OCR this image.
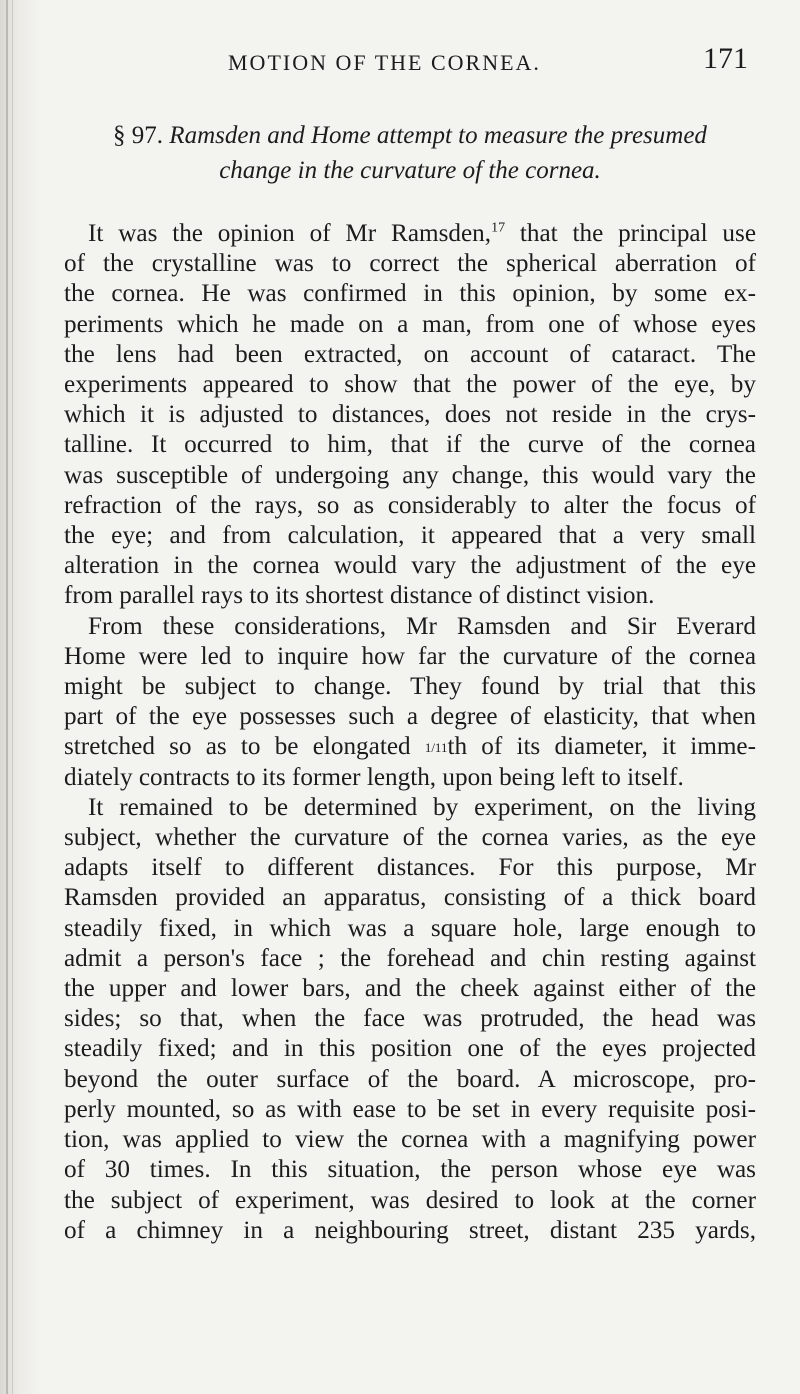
MOTION OF THE CORNEA.	171
§ 97. Ramsden and Home attempt to measure the presumed
change in the curvature of the cornea.
It was the opinion of Mr Ramsden,$^{17}$ that the principal use
of the crystalline was to correct the spherical aberration of
the cornea. He was confirmed in this opinion, by some ex-
periments which he made on a man, from one of whose eyes
the lens had been extracted, on account of cataract. The
experiments appeared to show that the power of the eye, by
which it is adjusted to distances, does not reside in the crys-
talline. It occurred to him, that if the curve of the cornea
was susceptible of undergoing any change, this would vary the
refraction of the rays, so as considerably to alter the focus of
the eye; and from calculation, it appeared that a very small
alteration in the cornea would vary the adjustment of the eye
from parallel rays to its shortest distance of distinct vision.
From these considerations, Mr Ramsden and Sir Everard
Home were led to inquire how far the curvature of the cornea
might be subject to change. They found by trial that this
part of the eye possesses such a degree of elasticity, that when
stretched so as to be elongated 1/11th of its diameter, it imme-
diately contracts to its former length, upon being left to itself.
It remained to be determined by experiment, on the living
subject, whether the curvature of the cornea varies, as the eye
adapts itself to different distances. For this purpose, Mr
Ramsden provided an apparatus, consisting of a thick board
steadily fixed, in which was a square hole, large enough to
admit a person's face ; the forehead and chin resting against
the upper and lower bars, and the cheek against either of the
sides; so that, when the face was protruded, the head was
steadily fixed; and in this position one of the eyes projected
beyond the outer surface of the board. A microscope, pro-
perly mounted, so as with ease to be set in every requisite posi-
tion, was applied to view the cornea with a magnifying power
of 30 times. In this situation, the person whose eye was
the subject of experiment, was desired to look at the corner
of a chimney in a neighbouring street, distant 235 yards,
